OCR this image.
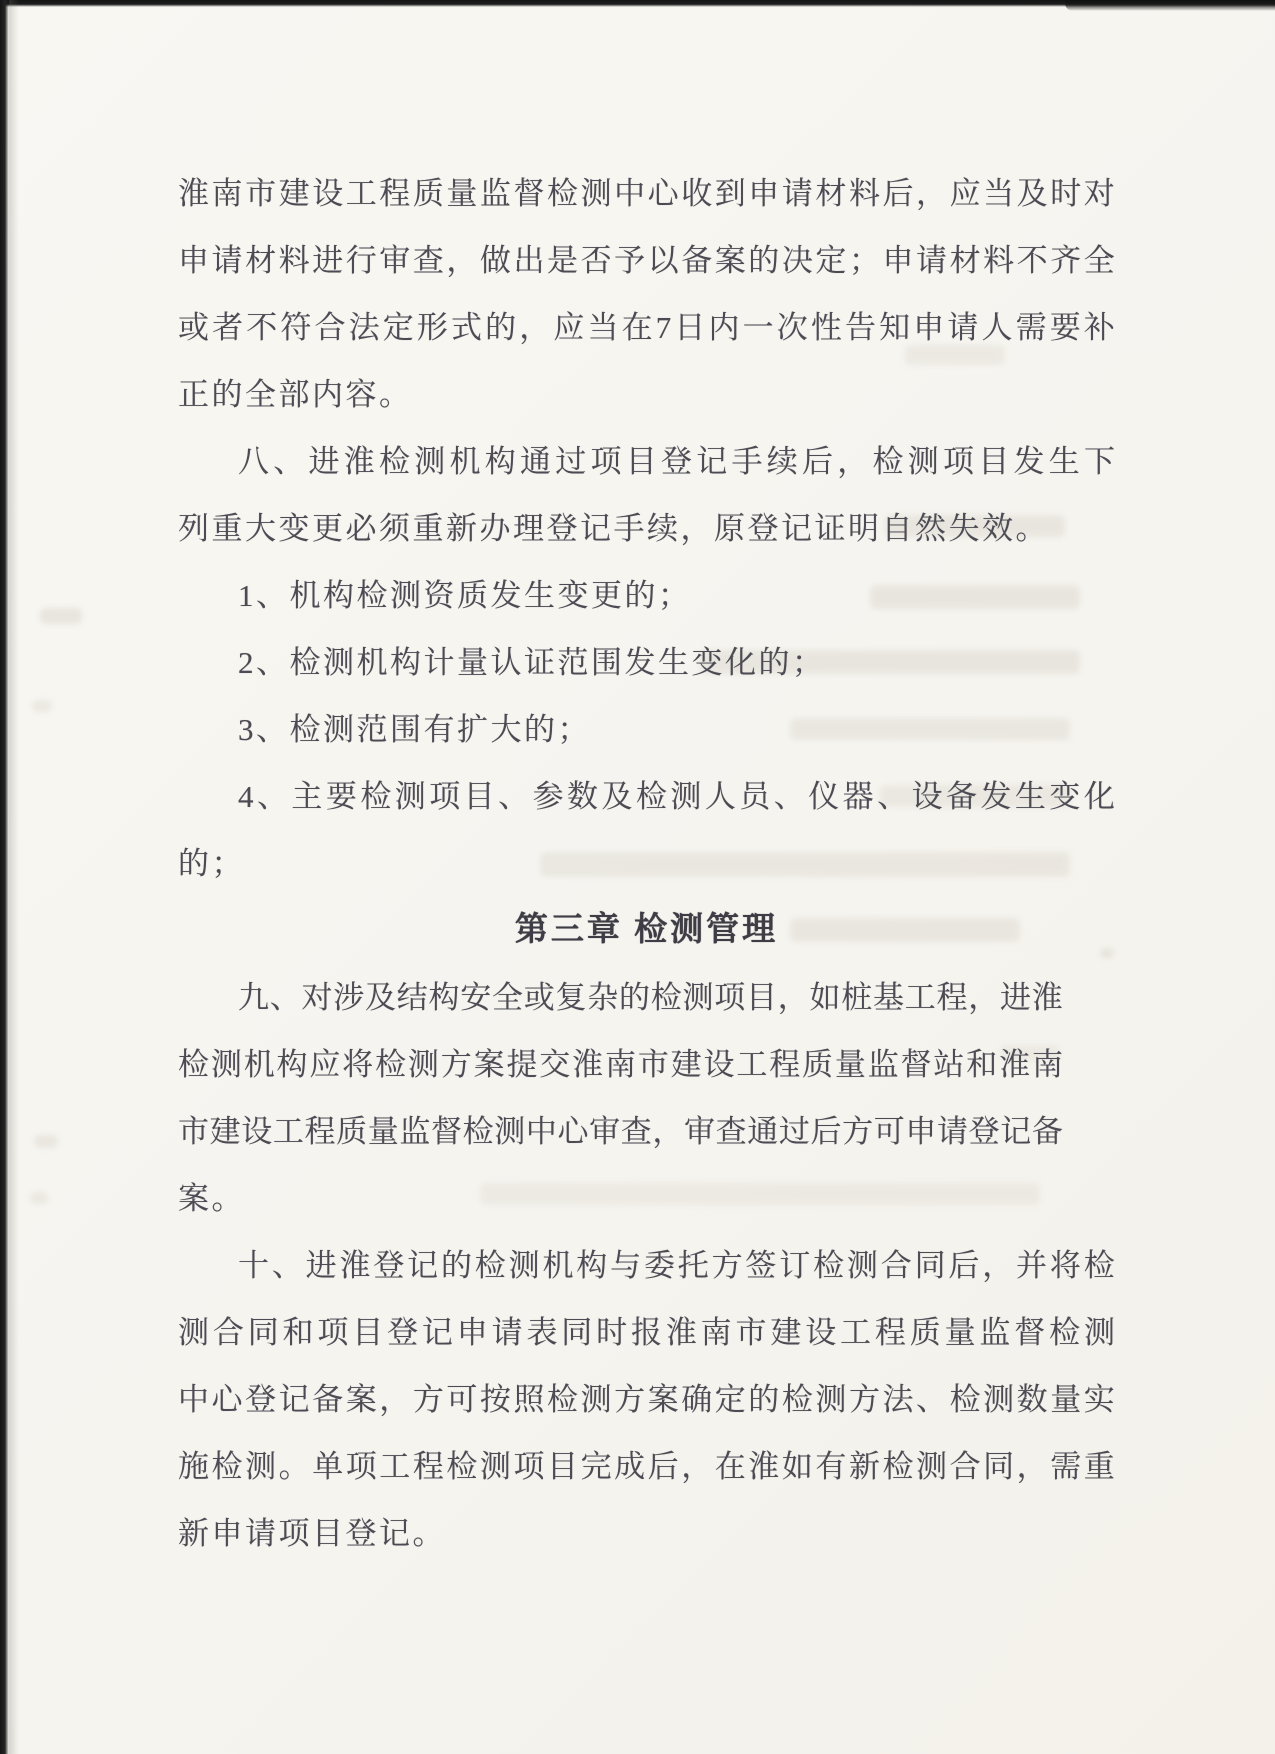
淮 南 市 建 设 工 程 质 量 监 督 检 测 中 心 收 到 申 请 材 料 后 ， 应 当 及 时 对
申 请 材 料 进 行 审 查 ， 做 出 是 否 予 以 备 案 的 决 定 ； 申 请 材 料 不 齐 全
或 者 不 符 合 法 定 形 式 的 ， 应 当 在 7 日 内 一 次 性 告 知 申 请 人 需 要 补
正的全部内容。
八 、 进 淮 检 测 机 构 通 过 项 目 登 记 手 续 后 ， 检 测 项 目 发 生 下
列重大变更必须重新办理登记手续，原登记证明自然失效。
1、机构检测资质发生变更的；
2、检测机构计量认证范围发生变化的；
3、检测范围有扩大的；
4 、 主 要 检 测 项 目 、 参 数 及 检 测 人 员 、 仪 器 、 设 备 发 生 变 化
的；
第三章 检测管理
九 、 对 涉 及 结 构 安 全 或 复 杂 的 检 测 项 目 ， 如 桩 基 工 程 ， 进 淮
检 测 机 构 应 将 检 测 方 案 提 交 淮 南 市 建 设 工 程 质 量 监 督 站 和 淮 南
市 建 设 工 程 质 量 监 督 检 测 中 心 审 查 ， 审 查 通 过 后 方 可 申 请 登 记 备
案。
十 、 进 淮 登 记 的 检 测 机 构 与 委 托 方 签 订 检 测 合 同 后 ， 并 将 检
测 合 同 和 项 目 登 记 申 请 表 同 时 报 淮 南 市 建 设 工 程 质 量 监 督 检 测
中 心 登 记 备 案 ， 方 可 按 照 检 测 方 案 确 定 的 检 测 方 法 、 检 测 数 量 实
施 检 测 。 单 项 工 程 检 测 项 目 完 成 后 ， 在 淮 如 有 新 检 测 合 同 ， 需 重
新申请项目登记。
